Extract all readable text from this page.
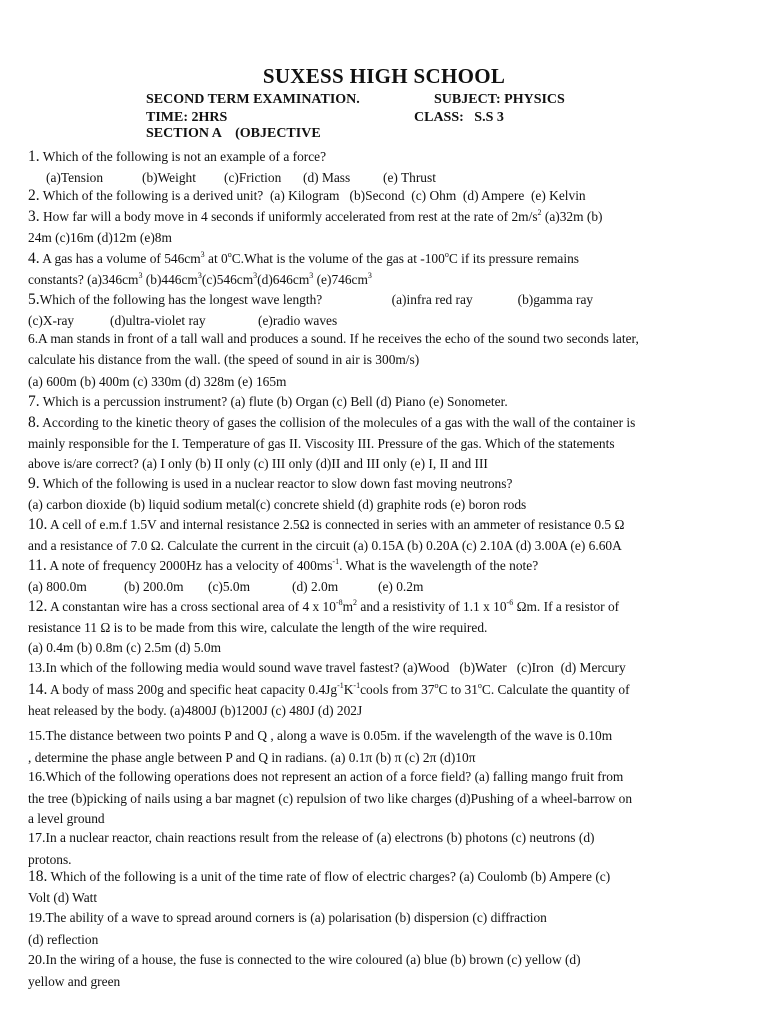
SUXESS HIGH SCHOOL
SECOND TERM EXAMINATION.	SUBJECT: PHYSICS
TIME: 2HRS	CLASS:   S.S 3
SECTION A    (OBJECTIVE
1. Which of the following is not an example of a force?
(a)Tension	(b)Weight (c)Friction (d) Mass (e) Thrust
2. Which of the following is a derived unit?  (a) Kilogram   (b)Second  (c) Ohm  (d) Ampere  (e) Kelvin
3. How far will a body move in 4 seconds if uniformly accelerated from rest at the rate of $2m/s^2$ (a)32m (b)
24m (c)16m (d)12m (e)8m
4. A gas has a volume of $546cm^3$ at 0$^o$C.What is the volume of the gas at -100$^o$C if its pressure remains
constants? $(a)346cm^3$ $(b)446cm^3(c)546cm^3(d)646cm^3$ $(e)746cm^3$
5.Which of the following has the longest wave length?	(a)infra red ray	(b)gamma ray
(c)X-ray	(d)ultra-violet ray	(e)radio waves
6.A man stands in front of a tall wall and produces a sound. If he receives the echo of the sound two seconds later,
calculate his distance from the wall. (the speed of sound in air is 300m/s)
(a) 600m (b) 400m (c) 330m (d) 328m (e) 165m
7. Which is a percussion instrument? (a) flute (b) Organ (c) Bell (d) Piano (e) Sonometer.
8. According to the kinetic theory of gases the collision of the molecules of a gas with the wall of the container is
mainly responsible for the I. Temperature of gas II. Viscosity III. Pressure of the gas. Which of the statements
above is/are correct? (a) I only (b) II only (c) III only (d)II and III only (e) I, II and III
9. Which of the following is used in a nuclear reactor to slow down fast moving neutrons?
(a) carbon dioxide (b) liquid sodium metal(c) concrete shield (d) graphite rods (e) boron rods
10. A cell of e.m.f 1.5V and internal resistance 2.5Ω is connected in series with an ammeter of resistance 0.5 Ω
and a resistance of 7.0 Ω. Calculate the current in the circuit (a) 0.15A (b) 0.20A (c) 2.10A (d) 3.00A (e) 6.60A
11. A note of frequency 2000Hz has a velocity of $400ms^{-1}$. What is the wavelength of the note?
(a) 800.0m	(b) 200.0m (c)5.0m	(d) 2.0m	(e) 0.2m
12. A constantan wire has a cross sectional area of 4 x $10^{-8}m^2$ and a resistivity of 1.1 x $10^{-6}$ Ωm. If a resistor of
resistance 11 Ω is to be made from this wire, calculate the length of the wire required.
(a) 0.4m (b) 0.8m (c) 2.5m (d) 5.0m
13.In which of the following media would sound wave travel fastest? (a)Wood   (b)Water   (c)Iron  (d) Mercury
14. A body of mass 200g and specific heat capacity $0.4Jg^{-1}K^{-1}cools$ from 37$^o$C to 31$^o$C. Calculate the quantity of
heat released by the body. (a)4800J (b)1200J (c) 480J (d) 202J
15.The distance between two points P and Q , along a wave is 0.05m. if the wavelength of the wave is 0.10m
, determine the phase angle between P and Q in radians. (a) 0.1π (b) π (c) 2π (d)10π
16.Which of the following operations does not represent an action of a force field? (a) falling mango fruit from
the tree (b)picking of nails using a bar magnet (c) repulsion of two like charges (d)Pushing of a wheel-barrow on
a level ground
17.In a nuclear reactor, chain reactions result from the release of (a) electrons (b) photons (c) neutrons (d)
protons.
18. Which of the following is a unit of the time rate of flow of electric charges? (a) Coulomb (b) Ampere (c)
Volt (d) Watt
19.The ability of a wave to spread around corners is (a) polarisation (b) dispersion (c) diffraction
(d) reflection
20.In the wiring of a house, the fuse is connected to the wire coloured (a) blue (b) brown (c) yellow (d)
yellow and green
